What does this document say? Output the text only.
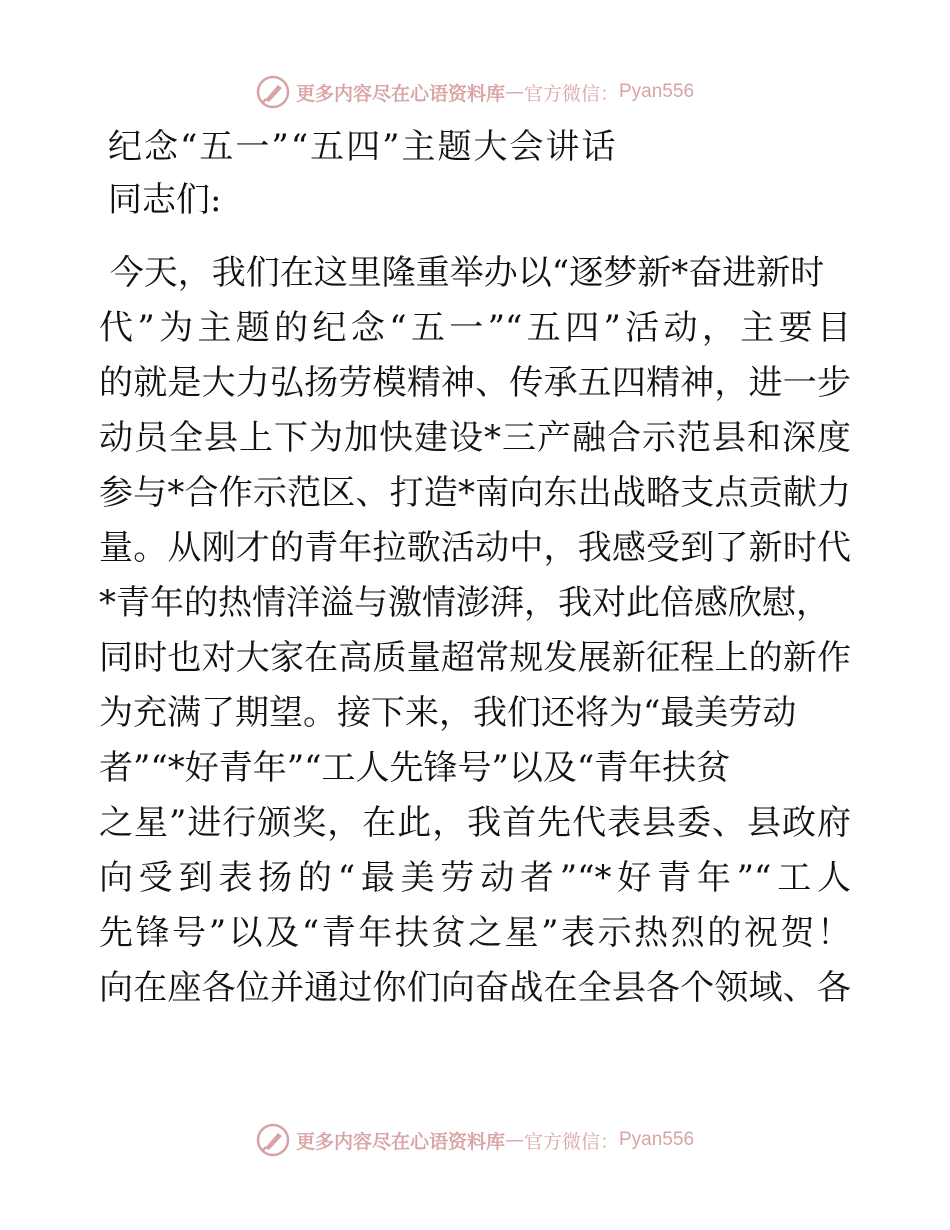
更多内容尽在心语资料库 — 官方微信： Pyan556
纪念“五一”“五四”主题大会讲话
同志们:
今天，我们在这里隆重举办以“逐梦新*奋进新时
代”为主题的纪念“五一”“五四”活动，主要目
的就是大力弘扬劳模精神、传承五四精神，进一步
动员全县上下为加快建设*三产融合示范县和深度
参与*合作示范区、打造*南向东出战略支点贡献力
量。从刚才的青年拉歌活动中，我感受到了新时代
*青年的热情洋溢与激情澎湃，我对此倍感欣慰，
同时也对大家在高质量超常规发展新征程上的新作
为充满了期望。接下来，我们还将为“最美劳动
者”“*好青年”“工人先锋号”以及“青年扶贫
之星”进行颁奖，在此，我首先代表县委、县政府
向受到表扬的“最美劳动者”“*好青年”“工人
先锋号”以及“青年扶贫之星”表示热烈的祝贺！
向在座各位并通过你们向奋战在全县各个领域、各
更多内容尽在心语资料库 — 官方微信： Pyan556
